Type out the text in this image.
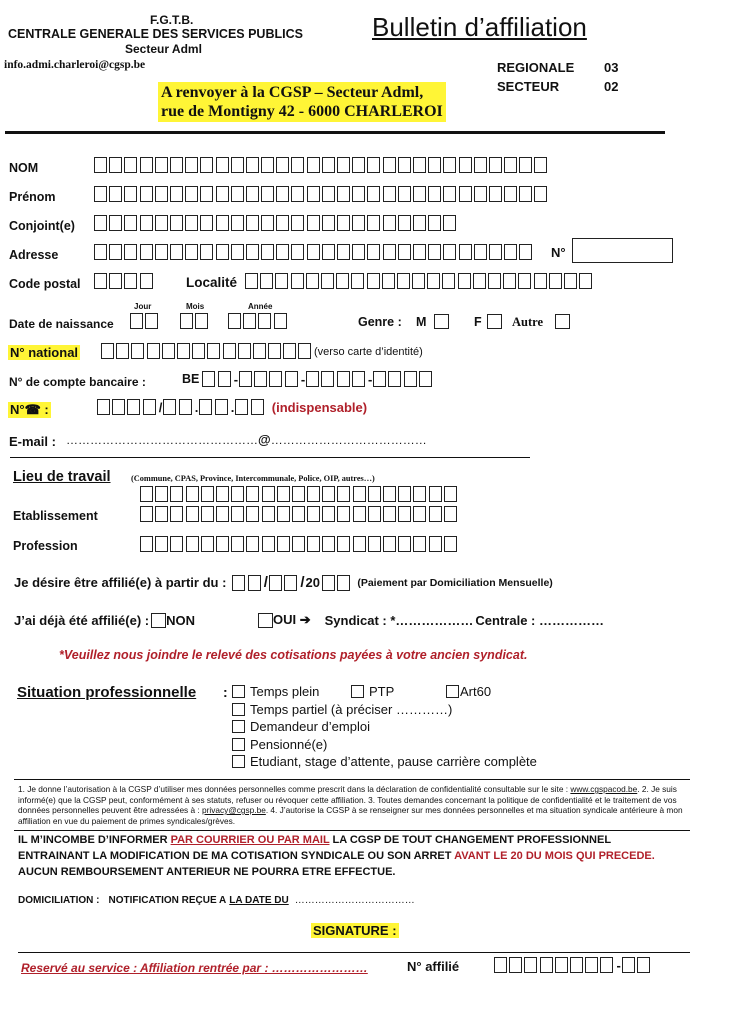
F.G.T.B.
CENTRALE GENERALE DES SERVICES PUBLICS
Secteur Adml
info.admi.charleroi@cgsp.be
Bulletin d’affiliation
A renvoyer à la CGSP – Secteur Adml,
rue de Montigny 42 - 6000 CHARLEROI
REGIONALE 03
SECTEUR	02
NOM
Prénom
Conjoint(e)
Adresse	N°
Code postal	Localité
Jour	Mois	Année
Date de naissance	Genre : M	F Autre
N° national	(verso carte d’identité)
N° de compte bancaire :	BE	-	-	-
N°☎ :	/ . .	(indispensable)
E-mail : ………………………………………… @ …………………………………
Lieu de travail (Commune, CPAS, Province, Intercommunale, Police, OIP, autres…)
Etablissement
Profession
Je désire être affilié(e) à partir du : / / 20	(Paiement par Domiciliation Mensuelle)
J’ai déjà été affilié(e) : NON	OUI ➔ Syndicat : *……………… Centrale : ……………
*Veuillez nous joindre le relevé des cotisations payées à votre ancien syndicat.
Situation professionnelle : Temps plein	PTP	Art60
Temps partiel (à préciser …………)
Demandeur d’emploi
Pensionné(e)
Etudiant, stage d’attente, pause carrière complète
1. Je donne l’autorisation à la CGSP d’utiliser mes données personnelles comme prescrit dans la déclaration de confidentialité consultable sur le site : www.cgspacod.be. 2. Je suis informé(e) que la CGSP peut, conformément à ses statuts, refuser ou révoquer cette affiliation. 3. Toutes demandes concernant la politique de confidentialité et le traitement de vos données personnelles peuvent être adressées à : privacy@cgsp.be. 4. J’autorise la CGSP à se renseigner sur mes données personnelles et ma situation syndicale antérieure à mon affiliation en vue du paiement de primes syndicales/grèves.
IL M’INCOMBE D’INFORMER PAR COURRIER OU PAR MAIL LA CGSP DE TOUT CHANGEMENT PROFESSIONNEL
ENTRAINANT LA MODIFICATION DE MA COTISATION SYNDICALE OU SON ARRET AVANT LE 20 DU MOIS QUI PRECEDE.
AUCUN REMBOURSEMENT ANTERIEUR NE POURRA ETRE EFFECTUE.
DOMICILIATION : NOTIFICATION REÇUE A LA DATE DU ………………………………
SIGNATURE :
Reservé au service : Affiliation rentrée par : ……………………	N° affilié	-
